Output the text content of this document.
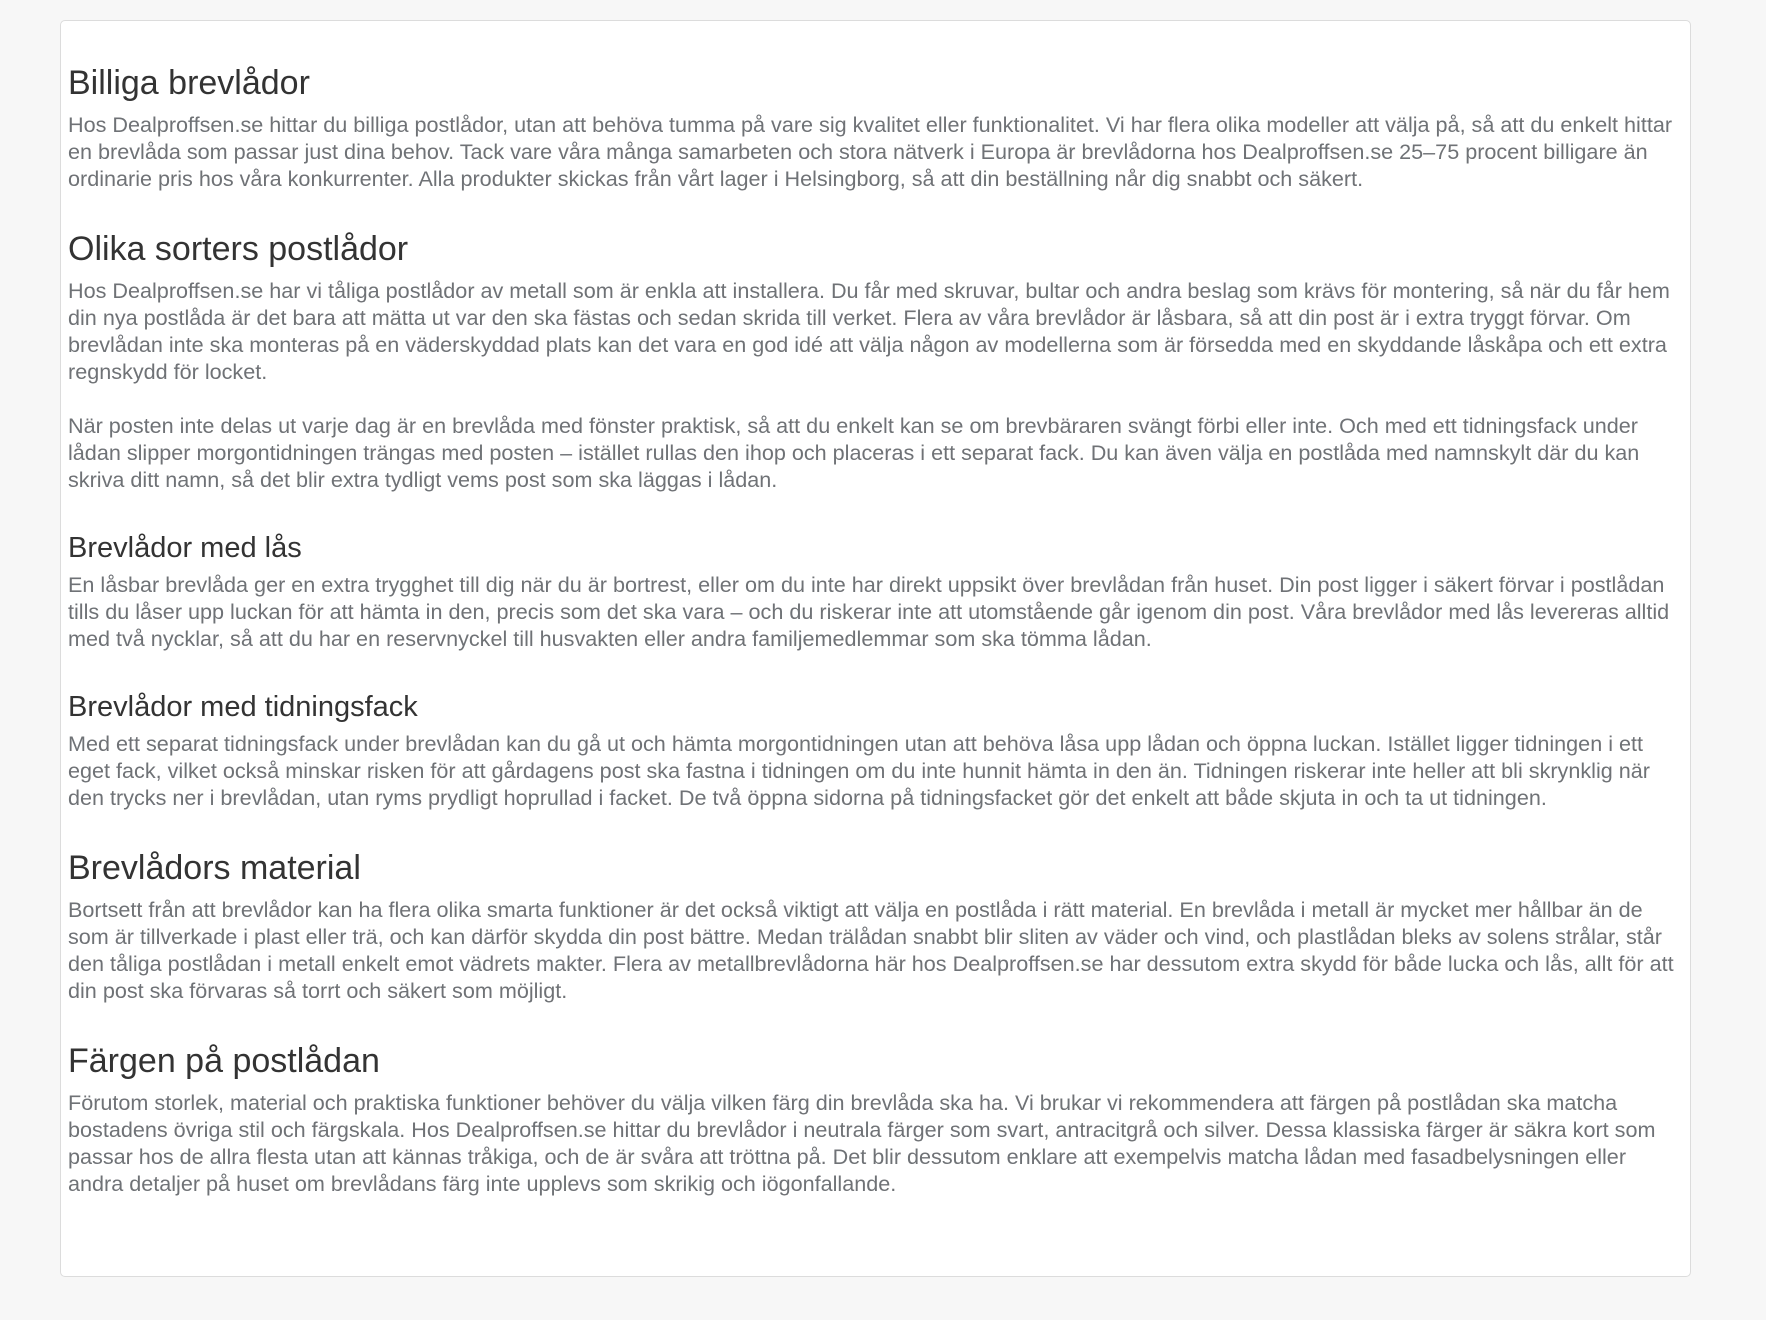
Billiga brevlådor

Hos Dealproffsen.se hittar du billiga postlådor, utan att behöva tumma på vare sig kvalitet eller funktionalitet. Vi har flera olika modeller att välja på, så att du enkelt hittar en brevlåda som passar just dina behov. Tack vare våra många samarbeten och stora nätverk i Europa är brevlådorna hos Dealproffsen.se 25–75 procent billigare än ordinarie pris hos våra konkurrenter. Alla produkter skickas från vårt lager i Helsingborg, så att din beställning når dig snabbt och säkert.

Olika sorters postlådor

Hos Dealproffsen.se har vi tåliga postlådor av metall som är enkla att installera. Du får med skruvar, bultar och andra beslag som krävs för montering, så när du får hem din nya postlåda är det bara att mätta ut var den ska fästas och sedan skrida till verket. Flera av våra brevlådor är låsbara, så att din post är i extra tryggt förvar. Om brevlådan inte ska monteras på en väderskyddad plats kan det vara en god idé att välja någon av modellerna som är försedda med en skyddande låskåpa och ett extra regnskydd för locket.

När posten inte delas ut varje dag är en brevlåda med fönster praktisk, så att du enkelt kan se om brevbäraren svängt förbi eller inte. Och med ett tidningsfack under lådan slipper morgontidningen trängas med posten – istället rullas den ihop och placeras i ett separat fack. Du kan även välja en postlåda med namnskylt där du kan skriva ditt namn, så det blir extra tydligt vems post som ska läggas i lådan.

Brevlådor med lås

En låsbar brevlåda ger en extra trygghet till dig när du är bortrest, eller om du inte har direkt uppsikt över brevlådan från huset. Din post ligger i säkert förvar i postlådan tills du låser upp luckan för att hämta in den, precis som det ska vara – och du riskerar inte att utomstående går igenom din post. Våra brevlådor med lås levereras alltid med två nycklar, så att du har en reservnyckel till husvakten eller andra familjemedlemmar som ska tömma lådan.

Brevlådor med tidningsfack

Med ett separat tidningsfack under brevlådan kan du gå ut och hämta morgontidningen utan att behöva låsa upp lådan och öppna luckan. Istället ligger tidningen i ett eget fack, vilket också minskar risken för att gårdagens post ska fastna i tidningen om du inte hunnit hämta in den än. Tidningen riskerar inte heller att bli skrynklig när den trycks ner i brevlådan, utan ryms prydligt hoprullad i facket. De två öppna sidorna på tidningsfacket gör det enkelt att både skjuta in och ta ut tidningen.

Brevlådors material

Bortsett från att brevlådor kan ha flera olika smarta funktioner är det också viktigt att välja en postlåda i rätt material. En brevlåda i metall är mycket mer hållbar än de som är tillverkade i plast eller trä, och kan därför skydda din post bättre. Medan trälådan snabbt blir sliten av väder och vind, och plastlådan bleks av solens strålar, står den tåliga postlådan i metall enkelt emot vädrets makter. Flera av metallbrevlådorna här hos Dealproffsen.se har dessutom extra skydd för både lucka och lås, allt för att din post ska förvaras så torrt och säkert som möjligt.

Färgen på postlådan

Förutom storlek, material och praktiska funktioner behöver du välja vilken färg din brevlåda ska ha. Vi brukar vi rekommendera att färgen på postlådan ska matcha bostadens övriga stil och färgskala. Hos Dealproffsen.se hittar du brevlådor i neutrala färger som svart, antracitgrå och silver. Dessa klassiska färger är säkra kort som passar hos de allra flesta utan att kännas tråkiga, och de är svåra att tröttna på. Det blir dessutom enklare att exempelvis matcha lådan med fasadbelysningen eller andra detaljer på huset om brevlådans färg inte upplevs som skrikig och iögonfallande.
